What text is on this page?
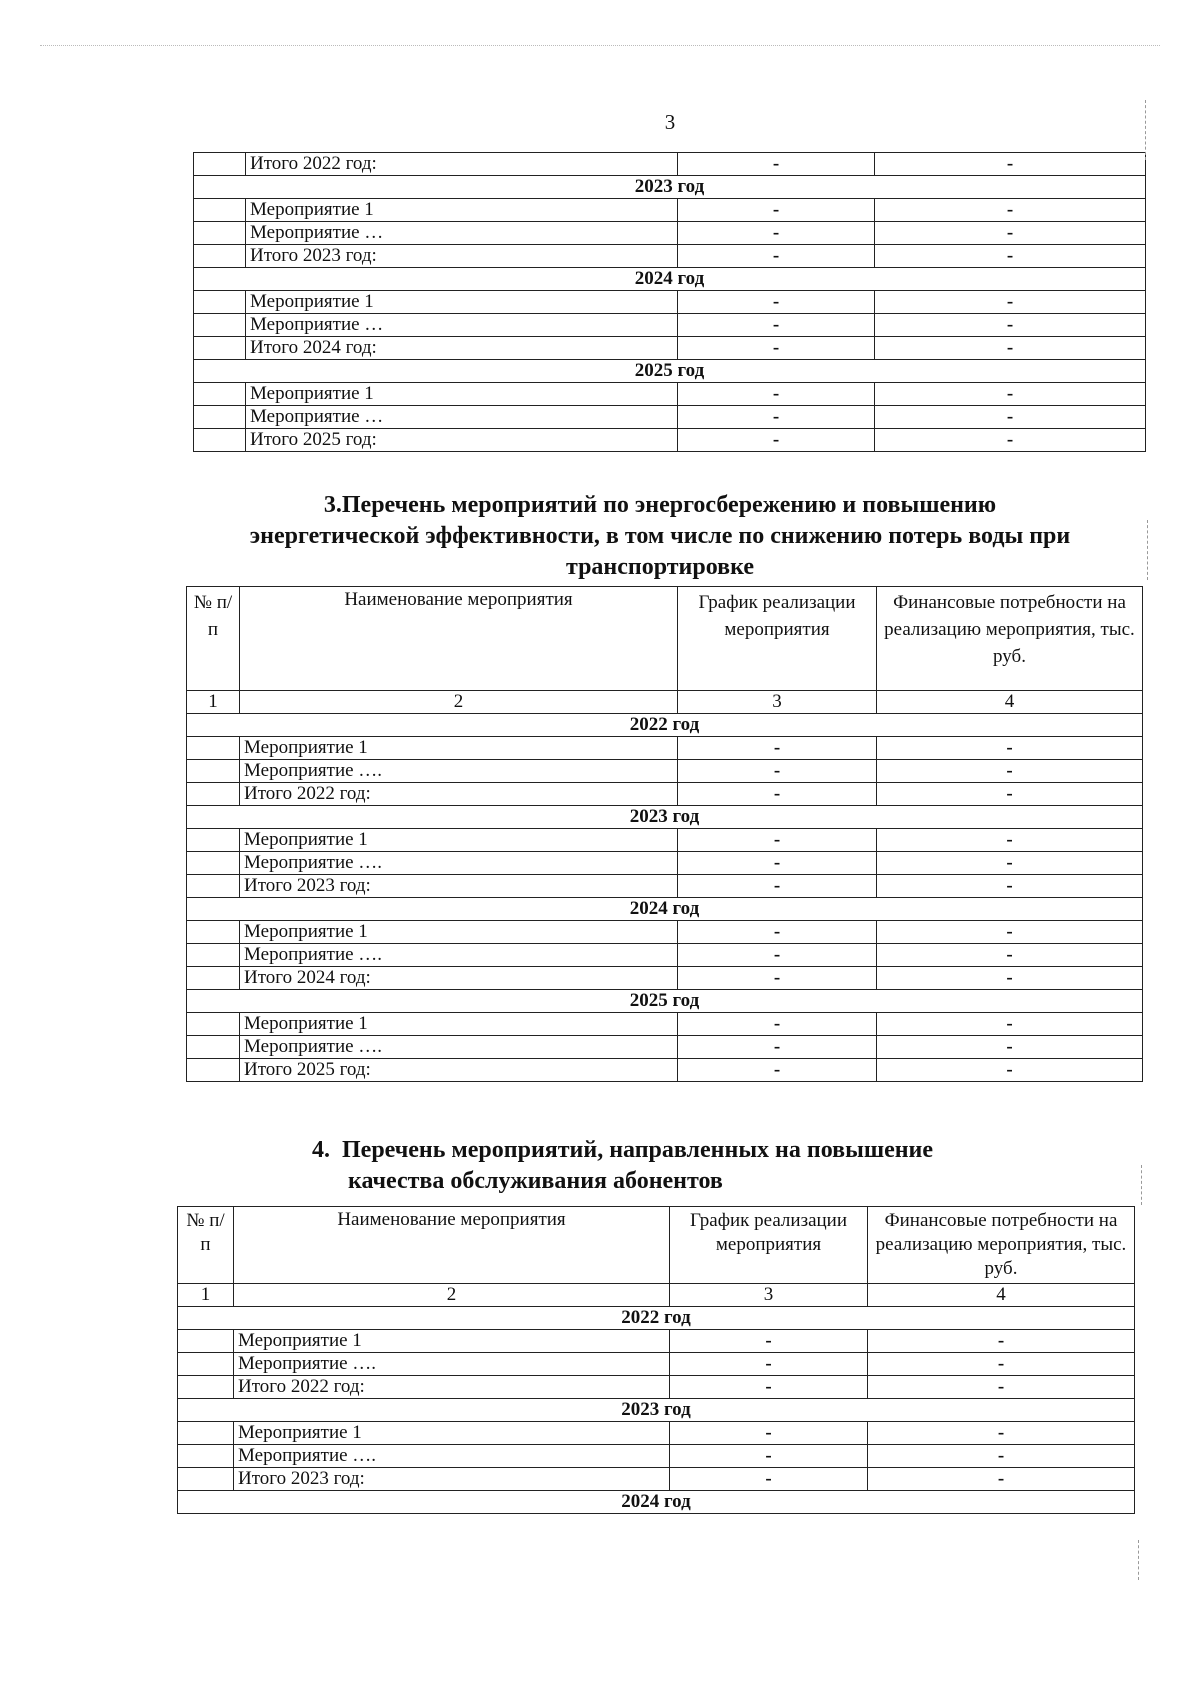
3
	Итого 2022 год:	-	-
2023 год			
	Мероприятие 1	-	-
	Мероприятие …	-	-
	Итого 2023 год:	-	-
2024 год			
	Мероприятие 1	-	-
	Мероприятие …	-	-
	Итого 2024 год:	-	-
2025 год			
	Мероприятие 1	-	-
	Мероприятие …	-	-
	Итого 2025 год:	-	-
3.Перечень мероприятий по энергосбережению и повышению
энергетической эффективности, в том числе по снижению потерь воды при
транспортировке
№ п/п	Наименование мероприятия	График реализации мероприятия	Финансовые потребности на реализацию мероприятия, тыс. руб.
1	2	3	4
2022 год			
	Мероприятие 1	-	-
	Мероприятие ….	-	-
	Итого 2022 год:	-	-
2023 год			
	Мероприятие 1	-	-
	Мероприятие ….	-	-
	Итого 2023 год:	-	-
2024 год			
	Мероприятие 1	-	-
	Мероприятие ….	-	-
	Итого 2024 год:	-	-
2025 год			
	Мероприятие 1	-	-
	Мероприятие ….	-	-
	Итого 2025 год:	-	-
4.  Перечень мероприятий, направленных на повышение
качества обслуживания абонентов
№ п/п	Наименование мероприятия	График реализации мероприятия	Финансовые потребности на реализацию мероприятия, тыс. руб.
1	2	3	4
2022 год			
	Мероприятие 1	-	-
	Мероприятие ….	-	-
	Итого 2022 год:	-	-
2023 год			
	Мероприятие 1	-	-
	Мероприятие ….	-	-
	Итого 2023 год:	-	-
2024 год			
